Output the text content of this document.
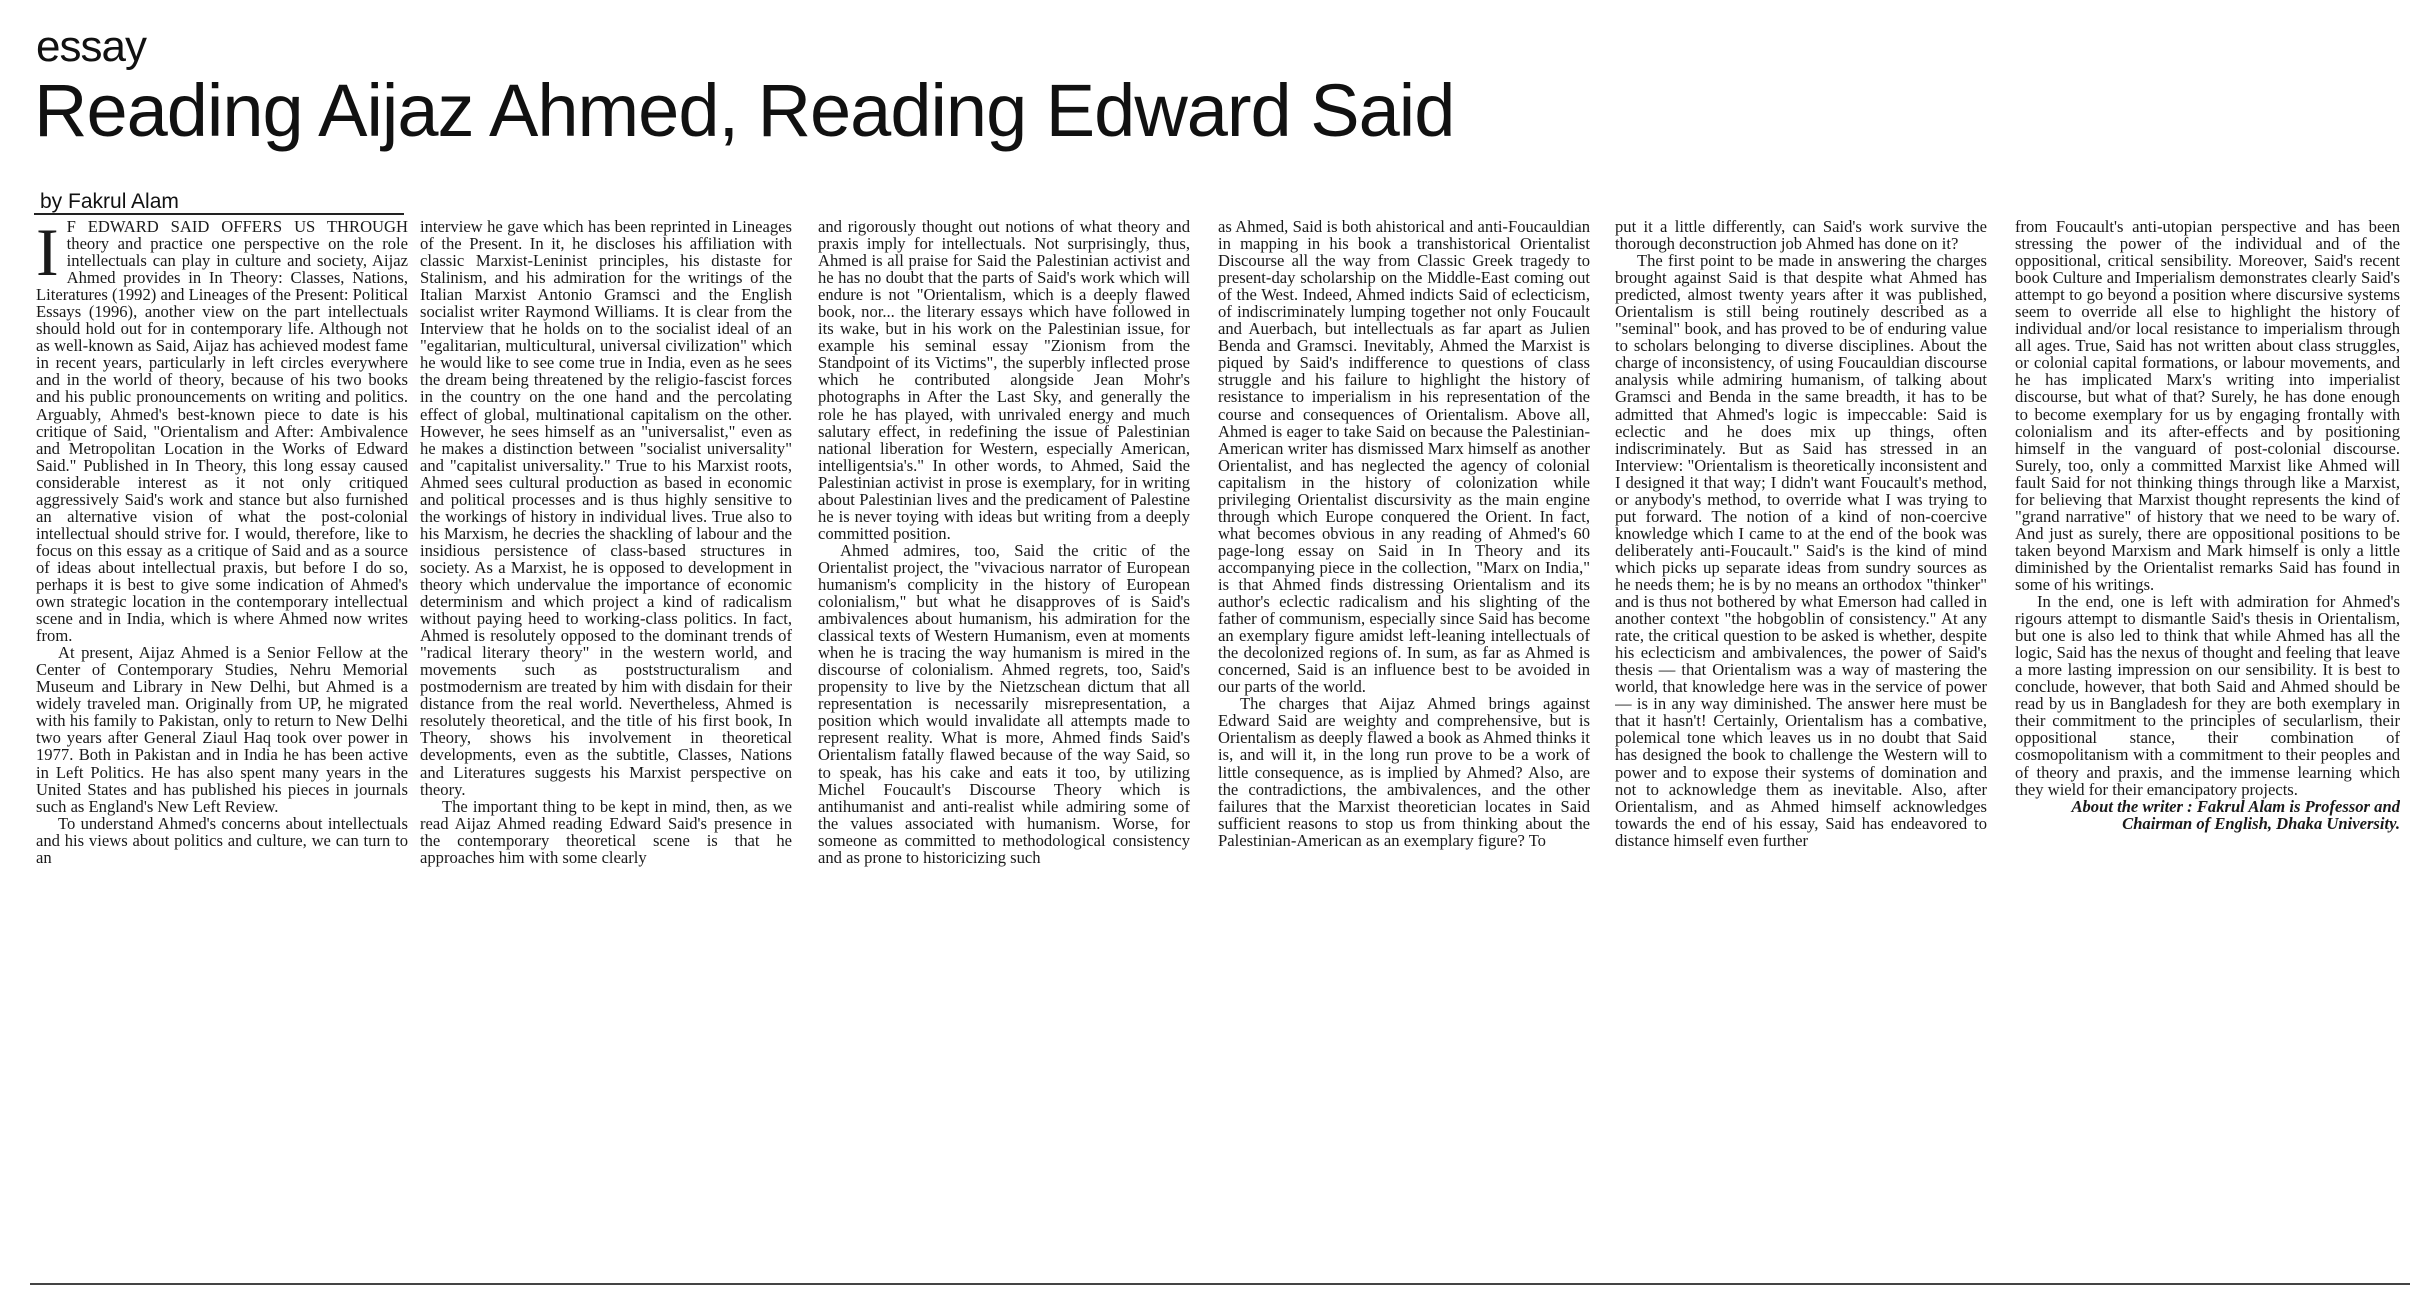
essay
Reading Aijaz Ahmed, Reading Edward Said
by Fakrul Alam
I F EDWARD SAID OFFERS US THROUGH theory and practice one perspective on the role intellectuals can play in culture and society, Aijaz Ahmed provides in In Theory: Classes, Nations, Literatures (1992) and Lineages of the Present: Political Essays (1996), another view on the part intellectuals should hold out for in contemporary life. Although not as well-known as Said, Aijaz has achieved modest fame in recent years, particularly in left circles everywhere and in the world of theory, because of his two books and his public pronouncements on writing and politics. Arguably, Ahmed's best-known piece to date is his critique of Said, "Orientalism and After: Ambivalence and Metropolitan Location in the Works of Edward Said." Published in In Theory, this long essay caused considerable interest as it not only critiqued aggressively Said's work and stance but also furnished an alternative vision of what the post-colonial intellectual should strive for. I would, therefore, like to focus on this essay as a critique of Said and as a source of ideas about intellectual praxis, but before I do so, perhaps it is best to give some indication of Ahmed's own strategic location in the contemporary intellectual scene and in India, which is where Ahmed now writes from.

At present, Aijaz Ahmed is a Senior Fellow at the Center of Contemporary Studies, Nehru Memorial Museum and Library in New Delhi, but Ahmed is a widely traveled man. Originally from UP, he migrated with his family to Pakistan, only to return to New Delhi two years after General Ziaul Haq took over power in 1977. Both in Pakistan and in India he has been active in Left Politics. He has also spent many years in the United States and has published his pieces in journals such as England's New Left Review.

To understand Ahmed's concerns about intellectuals and his views about politics and culture, we can turn to an

interview he gave which has been reprinted in Lineages of the Present. In it, he discloses his affiliation with classic Marxist-Leninist principles, his distaste for Stalinism, and his admiration for the writings of the Italian Marxist Antonio Gramsci and the English socialist writer Raymond Williams. It is clear from the Interview that he holds on to the socialist ideal of an "egalitarian, multicultural, universal civilization" which he would like to see come true in India, even as he sees the dream being threatened by the religio-fascist forces in the country on the one hand and the percolating effect of global, multinational capitalism on the other. However, he sees himself as an "universalist," even as he makes a distinction between "socialist universality" and "capitalist universality." True to his Marxist roots, Ahmed sees cultural production as based in economic and political processes and is thus highly sensitive to the workings of history in individual lives. True also to his Marxism, he decries the shackling of labour and the insidious persistence of class-based structures in society. As a Marxist, he is opposed to development in theory which undervalue the importance of economic determinism and which project a kind of radicalism without paying heed to working-class politics. In fact, Ahmed is resolutely opposed to the dominant trends of "radical literary theory" in the western world, and movements such as poststructuralism and postmodernism are treated by him with disdain for their distance from the real world. Nevertheless, Ahmed is resolutely theoretical, and the title of his first book, In Theory, shows his involvement in theoretical developments, even as the subtitle, Classes, Nations and Literatures suggests his Marxist perspective on theory.

The important thing to be kept in mind, then, as we read Aijaz Ahmed reading Edward Said's presence in the contemporary theoretical scene is that he approaches him with some clearly

and rigorously thought out notions of what theory and praxis imply for intellectuals. Not surprisingly, thus, Ahmed is all praise for Said the Palestinian activist and he has no doubt that the parts of Said's work which will endure is not "Orientalism, which is a deeply flawed book, nor... the literary essays which have followed in its wake, but in his work on the Palestinian issue, for example his seminal essay "Zionism from the Standpoint of its Victims", the superbly inflected prose which he contributed alongside Jean Mohr's photographs in After the Last Sky, and generally the role he has played, with unrivaled energy and much salutary effect, in redefining the issue of Palestinian national liberation for Western, especially American, intelligentsia's." In other words, to Ahmed, Said the Palestinian activist in prose is exemplary, for in writing about Palestinian lives and the predicament of Palestine he is never toying with ideas but writing from a deeply committed position.

Ahmed admires, too, Said the critic of the Orientalist project, the "vivacious narrator of European humanism's complicity in the history of European colonialism," but what he disapproves of is Said's ambivalences about humanism, his admiration for the classical texts of Western Humanism, even at moments when he is tracing the way humanism is mired in the discourse of colonialism. Ahmed regrets, too, Said's propensity to live by the Nietzschean dictum that all representation is necessarily misrepresentation, a position which would invalidate all attempts made to represent reality. What is more, Ahmed finds Said's Orientalism fatally flawed because of the way Said, so to speak, has his cake and eats it too, by utilizing Michel Foucault's Discourse Theory which is antihumanist and anti-realist while admiring some of the values associated with humanism. Worse, for someone as committed to methodological consistency and as prone to historicizing such

as Ahmed, Said is both ahistorical and anti-Foucauldian in mapping in his book a transhistorical Orientalist Discourse all the way from Classic Greek tragedy to present-day scholarship on the Middle-East coming out of the West. Indeed, Ahmed indicts Said of eclecticism, of indiscriminately lumping together not only Foucault and Auerbach, but intellectuals as far apart as Julien Benda and Gramsci. Inevitably, Ahmed the Marxist is piqued by Said's indifference to questions of class struggle and his failure to highlight the history of resistance to imperialism in his representation of the course and consequences of Orientalism. Above all, Ahmed is eager to take Said on because the Palestinian-American writer has dismissed Marx himself as another Orientalist, and has neglected the agency of colonial capitalism in the history of colonization while privileging Orientalist discursivity as the main engine through which Europe conquered the Orient. In fact, what becomes obvious in any reading of Ahmed's 60 page-long essay on Said in In Theory and its accompanying piece in the collection, "Marx on India," is that Ahmed finds distressing Orientalism and its author's eclectic radicalism and his slighting of the father of communism, especially since Said has become an exemplary figure amidst left-leaning intellectuals of the decolonized regions of. In sum, as far as Ahmed is concerned, Said is an influence best to be avoided in our parts of the world.

The charges that Aijaz Ahmed brings against Edward Said are weighty and comprehensive, but is Orientalism as deeply flawed a book as Ahmed thinks it is, and will it, in the long run prove to be a work of little consequence, as is implied by Ahmed? Also, are the contradictions, the ambivalences, and the other failures that the Marxist theoretician locates in Said sufficient reasons to stop us from thinking about the Palestinian-American as an exemplary figure? To

put it a little differently, can Said's work survive the thorough deconstruction job Ahmed has done on it?

The first point to be made in answering the charges brought against Said is that despite what Ahmed has predicted, almost twenty years after it was published, Orientalism is still being routinely described as a "seminal" book, and has proved to be of enduring value to scholars belonging to diverse disciplines. About the charge of inconsistency, of using Foucauldian discourse analysis while admiring humanism, of talking about Gramsci and Benda in the same breadth, it has to be admitted that Ahmed's logic is impeccable: Said is eclectic and he does mix up things, often indiscriminately. But as Said has stressed in an Interview: "Orientalism is theoretically inconsistent and I designed it that way; I didn't want Foucault's method, or anybody's method, to override what I was trying to put forward. The notion of a kind of non-coercive knowledge which I came to at the end of the book was deliberately anti-Foucault." Said's is the kind of mind which picks up separate ideas from sundry sources as he needs them; he is by no means an orthodox "thinker" and is thus not bothered by what Emerson had called in another context "the hobgoblin of consistency." At any rate, the critical question to be asked is whether, despite his eclecticism and ambivalences, the power of Said's thesis — that Orientalism was a way of mastering the world, that knowledge here was in the service of power — is in any way diminished. The answer here must be that it hasn't! Certainly, Orientalism has a combative, polemical tone which leaves us in no doubt that Said has designed the book to challenge the Western will to power and to expose their systems of domination and not to acknowledge them as inevitable. Also, after Orientalism, and as Ahmed himself acknowledges towards the end of his essay, Said has endeavored to distance himself even further

from Foucault's anti-utopian perspective and has been stressing the power of the individual and of the oppositional, critical sensibility. Moreover, Said's recent book Culture and Imperialism demonstrates clearly Said's attempt to go beyond a position where discursive systems seem to override all else to highlight the history of individual and/or local resistance to imperialism through all ages. True, Said has not written about class struggles, or colonial capital formations, or labour movements, and he has implicated Marx's writing into imperialist discourse, but what of that? Surely, he has done enough to become exemplary for us by engaging frontally with colonialism and its after-effects and by positioning himself in the vanguard of post-colonial discourse. Surely, too, only a committed Marxist like Ahmed will fault Said for not thinking things through like a Marxist, for believing that Marxist thought represents the kind of "grand narrative" of history that we need to be wary of. And just as surely, there are oppositional positions to be taken beyond Marxism and Mark himself is only a little diminished by the Orientalist remarks Said has found in some of his writings.

In the end, one is left with admiration for Ahmed's rigours attempt to dismantle Said's thesis in Orientalism, but one is also led to think that while Ahmed has all the logic, Said has the nexus of thought and feeling that leave a more lasting impression on our sensibility. It is best to conclude, however, that both Said and Ahmed should be read by us in Bangladesh for they are both exemplary in their commitment to the principles of secularlism, their oppositional stance, their combination of cosmopolitanism with a commitment to their peoples and of theory and praxis, and the immense learning which they wield for their emancipatory projects.

About the writer : Fakrul Alam is Professor and Chairman of English, Dhaka University.
